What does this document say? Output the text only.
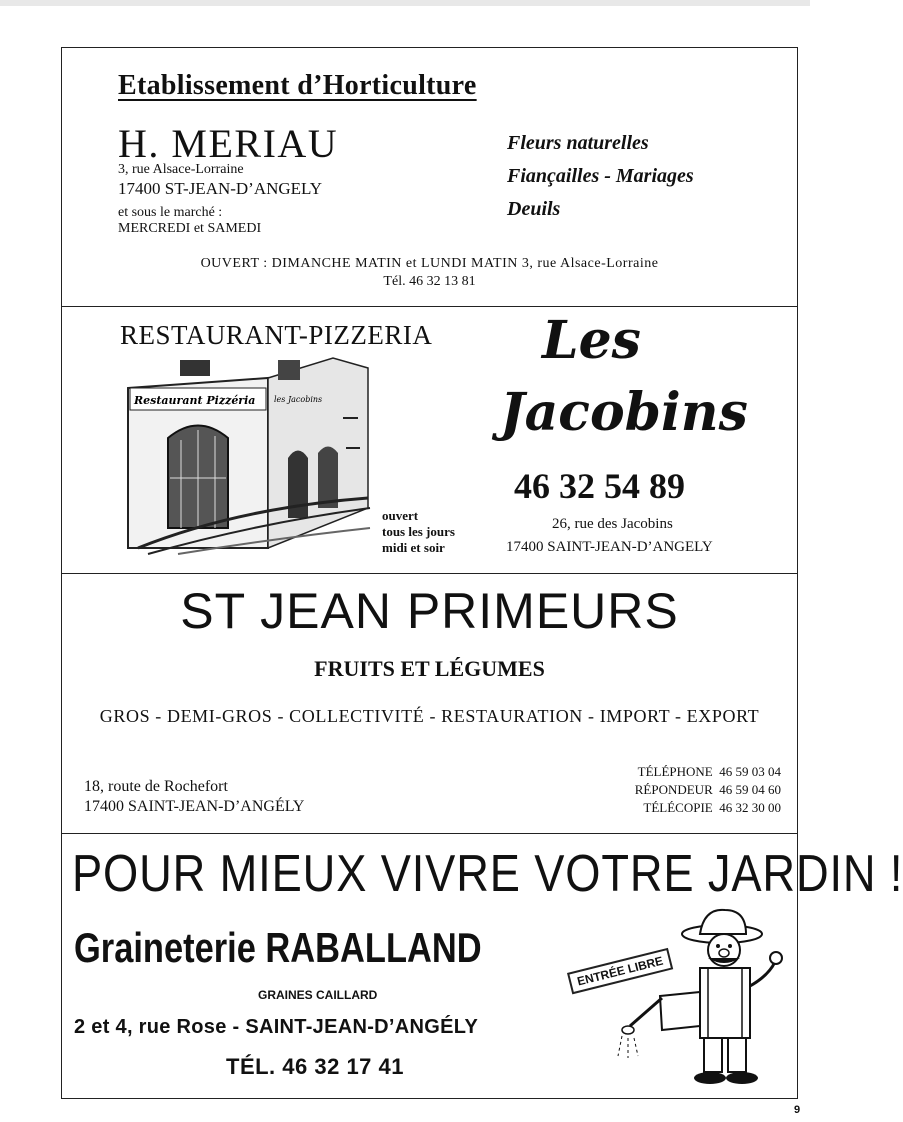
Etablissement d’Horticulture
H. MERIAU
3, rue Alsace-Lorraine
17400 ST-JEAN-D’ANGELY
et sous le marché :
MERCREDI et SAMEDI
Fleurs naturelles
Fiançailles - Mariages
Deuils
OUVERT : DIMANCHE MATIN et LUNDI MATIN 3, rue Alsace-Lorraine
Tél. 46 32 13 81
RESTAURANT-PIZZERIA
Restaurant Pizzéria les Jacobins
ouvert
tous les jours
midi et soir
Les
Jacobins
46 32 54 89
26, rue des Jacobins
17400 SAINT-JEAN-D’ANGELY
ST JEAN PRIMEURS
FRUITS ET LÉGUMES
GROS - DEMI-GROS - COLLECTIVITÉ - RESTAURATION - IMPORT - EXPORT
18, route de Rochefort
17400 SAINT-JEAN-D’ANGÉLY
TÉLÉPHONE 46 59 03 04
RÉPONDEUR 46 59 04 60
TÉLÉCOPIE 46 32 30 00
POUR MIEUX VIVRE VOTRE JARDIN !
Graineterie RABALLAND
GRAINES CAILLARD
2 et 4, rue Rose - SAINT-JEAN-D’ANGÉLY
TÉL. 46 32 17 41
ENTRÉE LIBRE
9
